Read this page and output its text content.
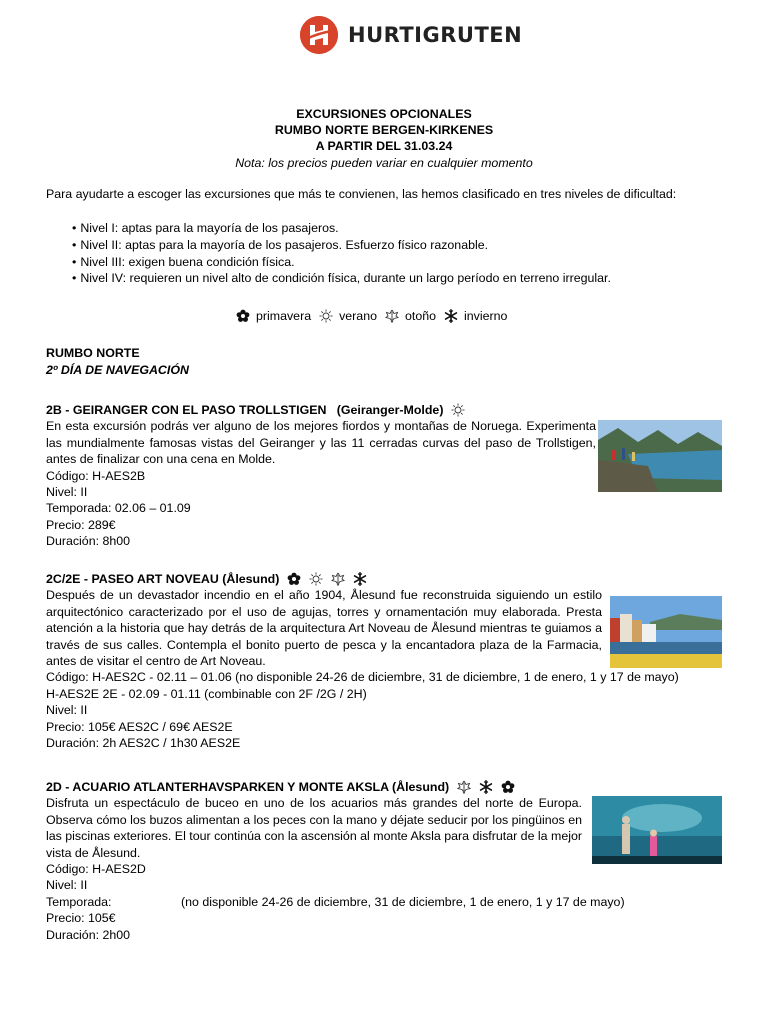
HURTIGRUTEN
EXCURSIONES OPCIONALES
RUMBO NORTE BERGEN-KIRKENES
A PARTIR DEL 31.03.24
Nota: los precios pueden variar en cualquier momento
Para ayudarte a escoger las excursiones que más te convienen, las hemos clasificado en tres niveles de dificultad:
• Nivel I: aptas para la mayoría de los pasajeros.
• Nivel II: aptas para la mayoría de los pasajeros. Esfuerzo físico razonable.
• Nivel III: exigen buena condición física.
• Nivel IV: requieren un nivel alto de condición física, durante un largo período en terreno irregular.
primavera verano otoño invierno
RUMBO NORTE
2º DÍA DE NAVEGACIÓN
2B - GEIRANGER CON EL PASO TROLLSTIGEN   (Geiranger-Molde)

En esta excursión podrás ver alguno de los mejores fiordos y montañas de Noruega. Experimenta las mundialmente famosas vistas del Geiranger y las 11 cerradas curvas del paso de Trollstigen, antes de finalizar con una cena en Molde.

Código: H-AES2B
Nivel: II
Temporada: 02.06 – 01.09
Precio: 289€
Duración: 8h00
2C/2E - PASEO ART NOVEAU (Ålesund)

Después de un devastador incendio en el año 1904, Ålesund fue reconstruida siguiendo un estilo arquitectónico caracterizado por el uso de agujas, torres y ornamentación muy elaborada. Presta atención a la historia que hay detrás de la arquitectura Art Noveau de Ålesund mientras te guiamos a través de sus calles. Contempla el bonito puerto de pesca y la encantadora plaza de la Farmacia, antes de visitar el centro de Art Noveau.

Código: H-AES2C - 02.11 – 01.06 (no disponible 24-26 de diciembre, 31 de diciembre, 1 de enero, 1 y 17 de mayo)
H-AES2E 2E - 02.09 - 01.11 (combinable con 2F /2G / 2H)
Nivel: II
Precio: 105€ AES2C / 69€ AES2E
Duración: 2h AES2C / 1h30 AES2E
2D - ACUARIO ATLANTERHAVSPARKEN Y MONTE AKSLA (Ålesund)

Disfruta un espectáculo de buceo en uno de los acuarios más grandes del norte de Europa. Observa cómo los buzos alimentan a los peces con la mano y déjate seducir por los pingüinos en las piscinas exteriores. El tour continúa con la ascensión al monte Aksla para disfrutar de la mejor vista de Ålesund.

Código: H-AES2D
Nivel: II
Temporada:	(no disponible 24-26 de diciembre, 31 de diciembre, 1 de enero, 1 y 17 de mayo)
Precio: 105€
Duración: 2h00
